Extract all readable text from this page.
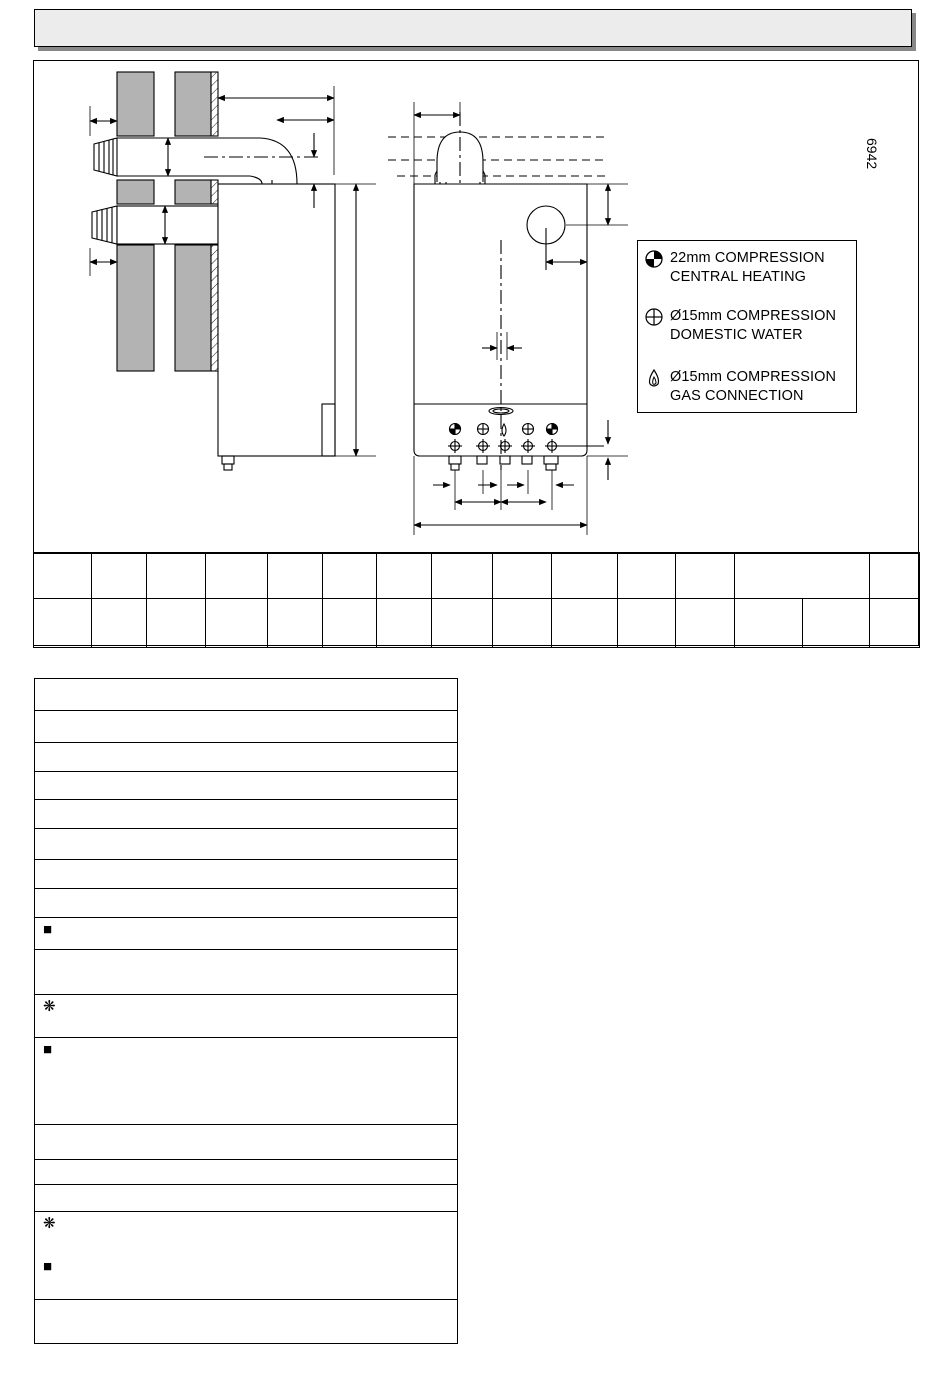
22mm COMPRESSION
CENTRAL HEATING
Ø15mm COMPRESSION
DOMESTIC WATER
Ø15mm COMPRESSION
GAS CONNECTION
6942

■

❋

■

❋
■
